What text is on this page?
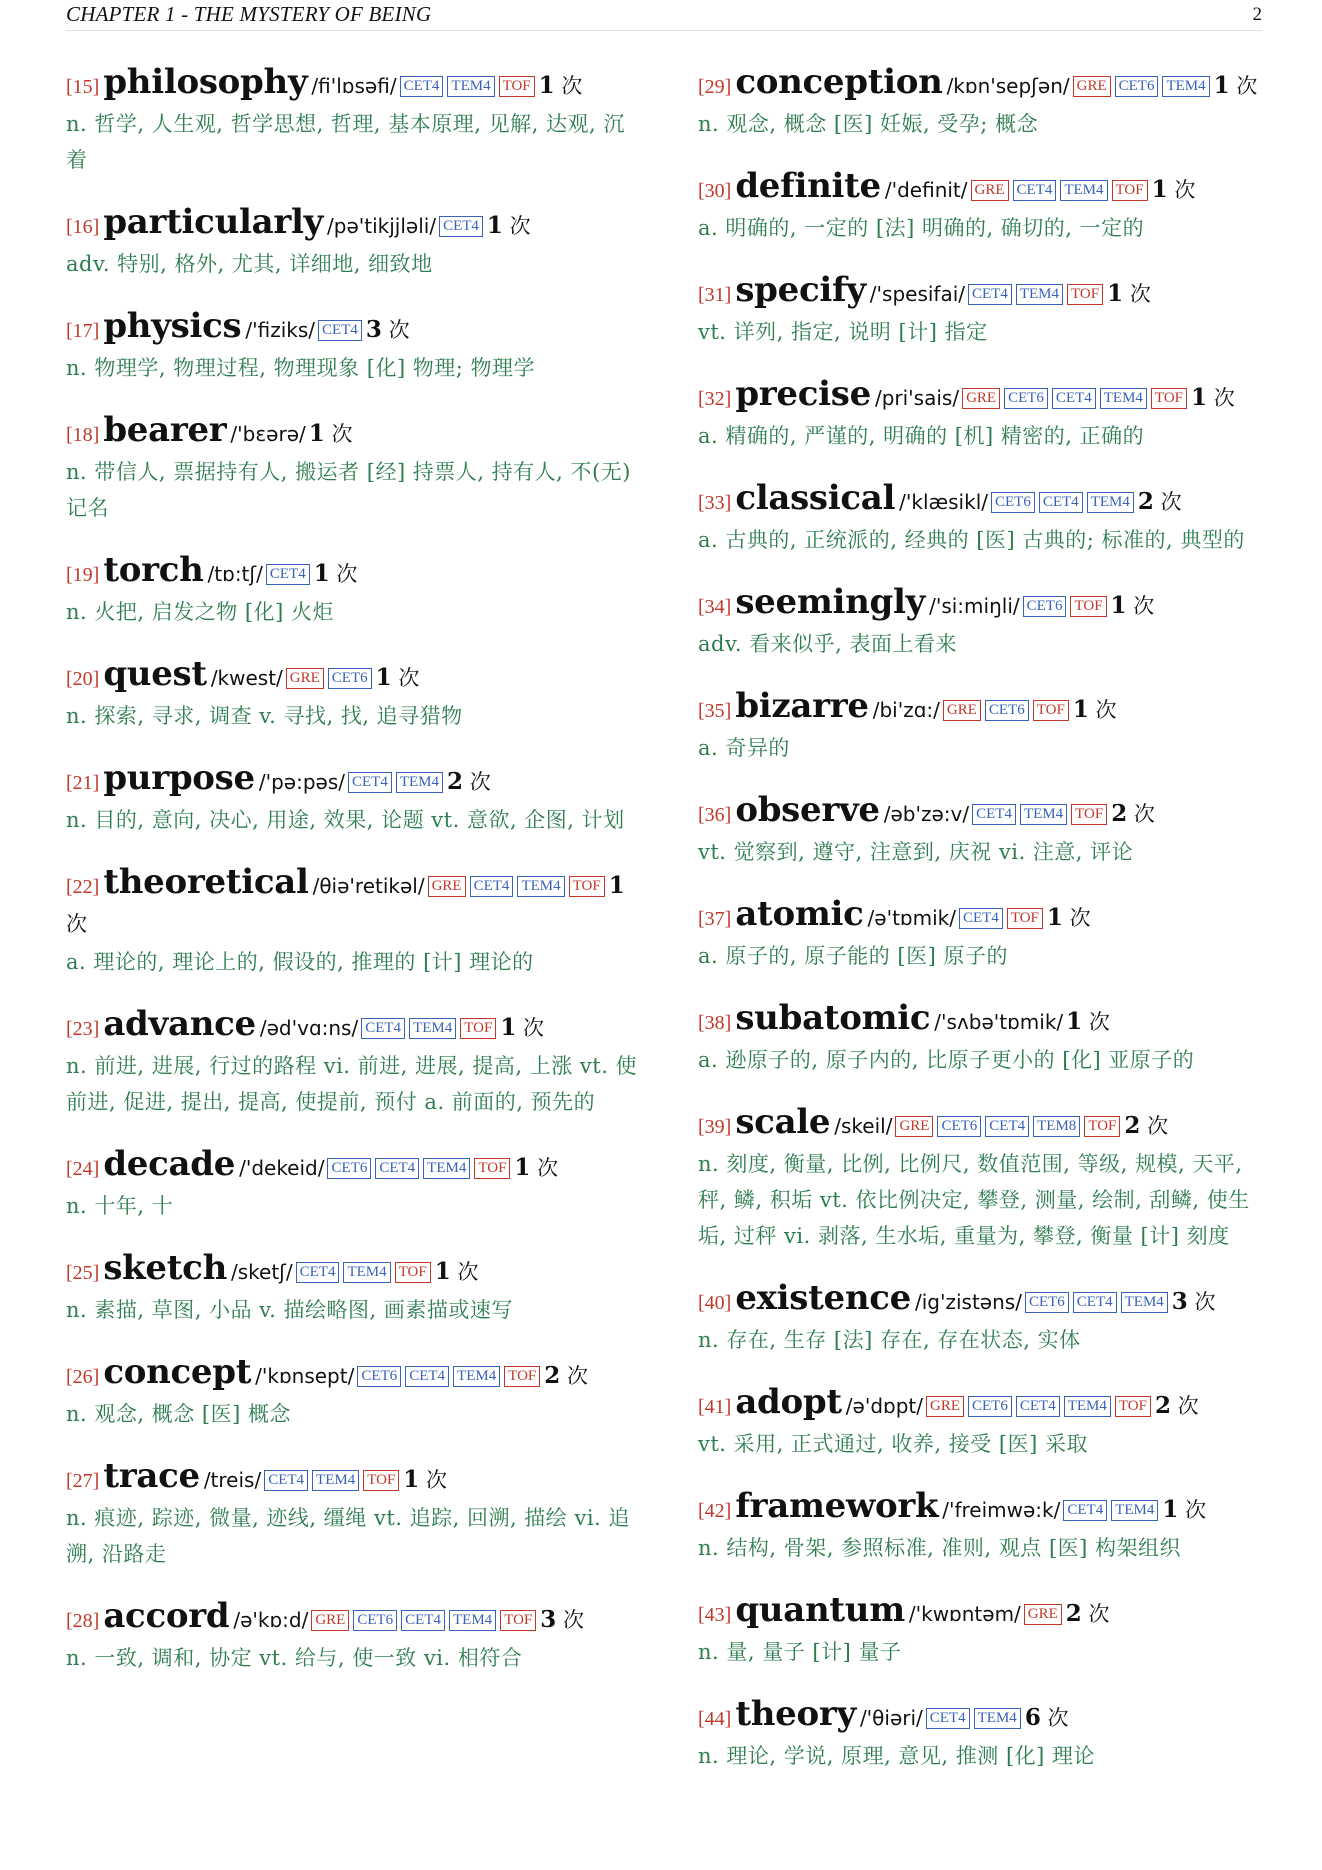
CHAPTER 1 - THE MYSTERY OF BEING	2
[15] philosophy /fi'lɒsəfi/ CET4 TEM4 TOF 1 次
n. 哲学, 人生观, 哲学思想, 哲理, 基本原理, 见解, 达观, 沉着
[16] particularly /pə'tikjjləli/ CET4 1 次
adv. 特别, 格外, 尤其, 详细地, 细致地
[17] physics /'fiziks/ CET4 3 次
n. 物理学, 物理过程, 物理现象 [化] 物理; 物理学
[18] bearer /'bɛərə/ 1 次
n. 带信人, 票据持有人, 搬运者 [经] 持票人, 持有人, 不(无) 记名
[19] torch /tɒ:tʃ/ CET4 1 次
n. 火把, 启发之物 [化] 火炬
[20] quest /kwest/ GRE CET6 1 次
n. 探索, 寻求, 调查 v. 寻找, 找, 追寻猎物
[21] purpose /'pə:pəs/ CET4 TEM4 2 次
n. 目的, 意向, 决心, 用途, 效果, 论题 vt. 意欲, 企图, 计划
[22] theoretical /θiə'retikəl/ GRE CET4 TEM4 TOF 1 次
a. 理论的, 理论上的, 假设的, 推理的 [计] 理论的
[23] advance /əd'vɑ:ns/ CET4 TEM4 TOF 1 次
n. 前进, 进展, 行过的路程 vi. 前进, 进展, 提高, 上涨 vt. 使前进, 促进, 提出, 提高, 使提前, 预付 a. 前面的, 预先的
[24] decade /'dekeid/ CET6 CET4 TEM4 TOF 1 次
n. 十年, 十
[25] sketch /sketʃ/ CET4 TEM4 TOF 1 次
n. 素描, 草图, 小品 v. 描绘略图, 画素描或速写
[26] concept /'kɒnsept/ CET6 CET4 TEM4 TOF 2 次
n. 观念, 概念 [医] 概念
[27] trace /treis/ CET4 TEM4 TOF 1 次
n. 痕迹, 踪迹, 微量, 迹线, 缰绳 vt. 追踪, 回溯, 描绘 vi. 追溯, 沿路走
[28] accord /ə'kɒ:d/ GRE CET6 CET4 TEM4 TOF 3 次
n. 一致, 调和, 协定 vt. 给与, 使一致 vi. 相符合
[29] conception /kɒn'sepʃən/ GRE CET6 TEM4 1 次
n. 观念, 概念 [医] 妊娠, 受孕; 概念
[30] definite /'definit/ GRE CET4 TEM4 TOF 1 次
a. 明确的, 一定的 [法] 明确的, 确切的, 一定的
[31] specify /'spesifai/ CET4 TEM4 TOF 1 次
vt. 详列, 指定, 说明 [计] 指定
[32] precise /pri'sais/ GRE CET6 CET4 TEM4 TOF 1 次
a. 精确的, 严谨的, 明确的 [机] 精密的, 正确的
[33] classical /'klæsikl/ CET6 CET4 TEM4 2 次
a. 古典的, 正统派的, 经典的 [医] 古典的; 标准的, 典型的
[34] seemingly /'si:miŋli/ CET6 TOF 1 次
adv. 看来似乎, 表面上看来
[35] bizarre /bi'zɑ:/ GRE CET6 TOF 1 次
a. 奇异的
[36] observe /əb'zə:v/ CET4 TEM4 TOF 2 次
vt. 觉察到, 遵守, 注意到, 庆祝 vi. 注意, 评论
[37] atomic /ə'tɒmik/ CET4 TOF 1 次
a. 原子的, 原子能的 [医] 原子的
[38] subatomic /'sʌbə'tɒmik/ 1 次
a. 逊原子的, 原子内的, 比原子更小的 [化] 亚原子的
[39] scale /skeil/ GRE CET6 CET4 TEM8 TOF 2 次
n. 刻度, 衡量, 比例, 比例尺, 数值范围, 等级, 规模, 天平, 秤, 鳞, 积垢 vt. 依比例决定, 攀登, 测量, 绘制, 刮鳞, 使生垢, 过秤 vi. 剥落, 生水垢, 重量为, 攀登, 衡量 [计] 刻度
[40] existence /ig'zistəns/ CET6 CET4 TEM4 3 次
n. 存在, 生存 [法] 存在, 存在状态, 实体
[41] adopt /ə'dɒpt/ GRE CET6 CET4 TEM4 TOF 2 次
vt. 采用, 正式通过, 收养, 接受 [医] 采取
[42] framework /'freimwə:k/ CET4 TEM4 1 次
n. 结构, 骨架, 参照标准, 准则, 观点 [医] 构架组织
[43] quantum /'kwɒntəm/ GRE 2 次
n. 量, 量子 [计] 量子
[44] theory /'θiəri/ CET4 TEM4 6 次
n. 理论, 学说, 原理, 意见, 推测 [化] 理论
